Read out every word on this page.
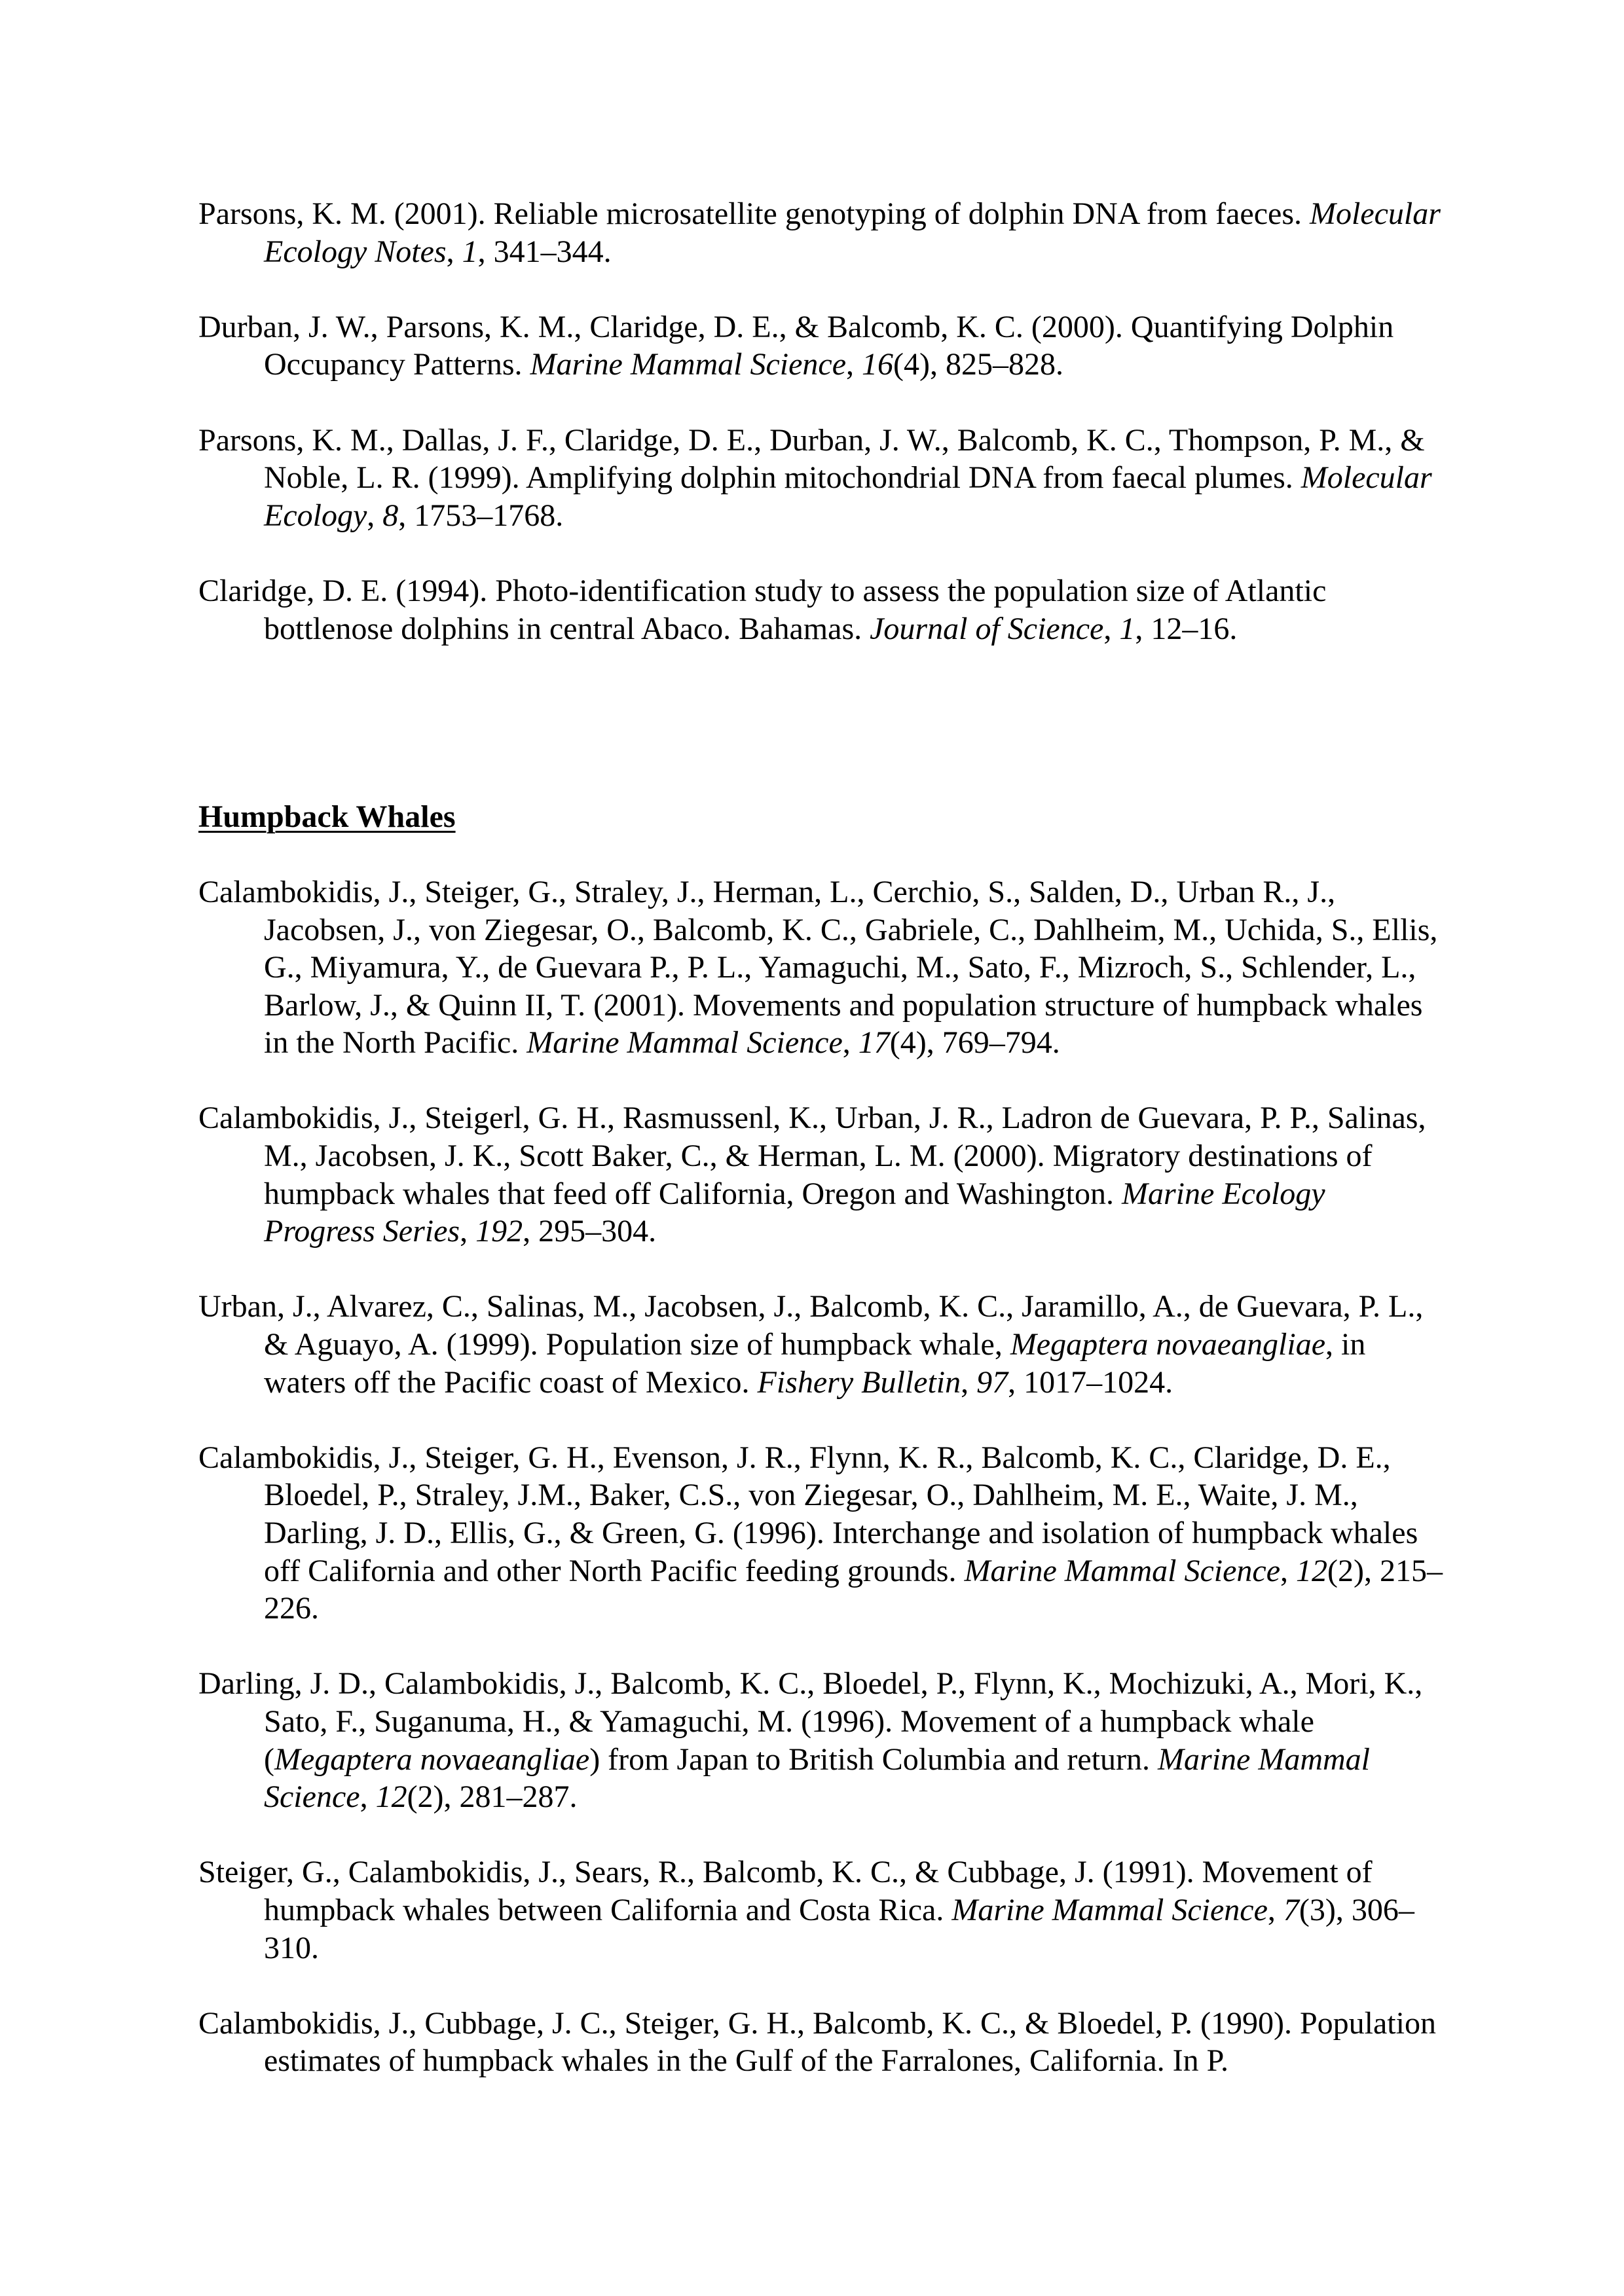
Parsons, K. M. (2001). Reliable microsatellite genotyping of dolphin DNA from faeces. Molecular Ecology Notes, 1, 341–344.

Durban, J. W., Parsons, K. M., Claridge, D. E., & Balcomb, K. C. (2000). Quantifying Dolphin Occupancy Patterns. Marine Mammal Science, 16(4), 825–828.

Parsons, K. M., Dallas, J. F., Claridge, D. E., Durban, J. W., Balcomb, K. C., Thompson, P. M., & Noble, L. R. (1999). Amplifying dolphin mitochondrial DNA from faecal plumes. Molecular Ecology, 8, 1753–1768.

Claridge, D. E. (1994). Photo-identification study to assess the population size of Atlantic bottlenose dolphins in central Abaco. Bahamas. Journal of Science, 1, 12–16.

Humpback Whales

Calambokidis, J., Steiger, G., Straley, J., Herman, L., Cerchio, S., Salden, D., Urban R., J., Jacobsen, J., von Ziegesar, O., Balcomb, K. C., Gabriele, C., Dahlheim, M., Uchida, S., Ellis, G., Miyamura, Y., de Guevara P., P. L., Yamaguchi, M., Sato, F., Mizroch, S., Schlender, L., Barlow, J., & Quinn II, T. (2001). Movements and population structure of humpback whales in the North Pacific. Marine Mammal Science, 17(4), 769–794.

Calambokidis, J., Steigerl, G. H., Rasmussenl, K., Urban, J. R., Ladron de Guevara, P. P., Salinas, M., Jacobsen, J. K., Scott Baker, C., & Herman, L. M. (2000). Migratory destinations of humpback whales that feed off California, Oregon and Washington. Marine Ecology Progress Series, 192, 295–304.

Urban, J., Alvarez, C., Salinas, M., Jacobsen, J., Balcomb, K. C., Jaramillo, A., de Guevara, P. L., & Aguayo, A. (1999). Population size of humpback whale, Megaptera novaeangliae, in waters off the Pacific coast of Mexico. Fishery Bulletin, 97, 1017–1024.

Calambokidis, J., Steiger, G. H., Evenson, J. R., Flynn, K. R., Balcomb, K. C., Claridge, D. E., Bloedel, P., Straley, J.M., Baker, C.S., von Ziegesar, O., Dahlheim, M. E., Waite, J. M., Darling, J. D., Ellis, G., & Green, G. (1996). Interchange and isolation of humpback whales off California and other North Pacific feeding grounds. Marine Mammal Science, 12(2), 215–226.

Darling, J. D., Calambokidis, J., Balcomb, K. C., Bloedel, P., Flynn, K., Mochizuki, A., Mori, K., Sato, F., Suganuma, H., & Yamaguchi, M. (1996). Movement of a humpback whale (Megaptera novaeangliae) from Japan to British Columbia and return. Marine Mammal Science, 12(2), 281–287.

Steiger, G., Calambokidis, J., Sears, R., Balcomb, K. C., & Cubbage, J. (1991). Movement of humpback whales between California and Costa Rica. Marine Mammal Science, 7(3), 306–310.

Calambokidis, J., Cubbage, J. C., Steiger, G. H., Balcomb, K. C., & Bloedel, P. (1990). Population estimates of humpback whales in the Gulf of the Farralones, California. In P.
